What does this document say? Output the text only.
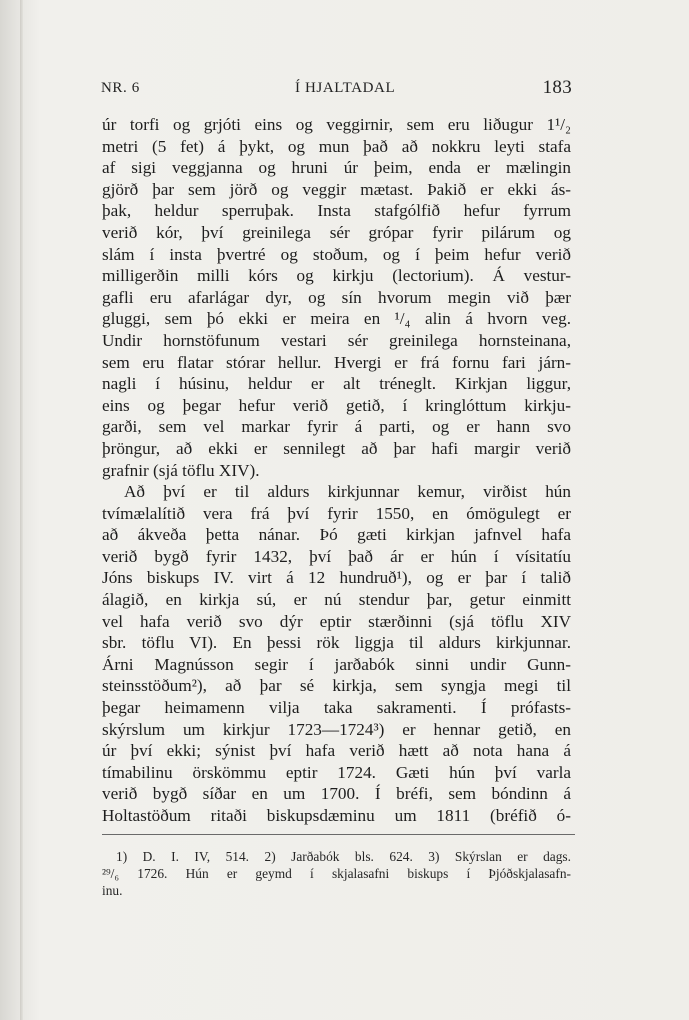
NR. 6	Í HJALTADAL	183
úr torfi og grjóti eins og veggirnir, sem eru liðugur 1¹/₂
metri (5 fet) á þykt, og mun það að nokkru leyti stafa
af sigi veggjanna og hruni úr þeim, enda er mælingin
gjörð þar sem jörð og veggir mætast. Þakið er ekki ás-
þak, heldur sperruþak. Insta stafgólfið hefur fyrrum
verið kór, því greinilega sér grópar fyrir pilárum og
slám í insta þvertré og stoðum, og í þeim hefur verið
milligerðin milli kórs og kirkju (lectorium). Á vestur-
gafli eru afarlágar dyr, og sín hvorum megin við þær
gluggi, sem þó ekki er meira en ¹/₄ alin á hvorn veg.
Undir hornstöfunum vestari sér greinilega hornsteinana,
sem eru flatar stórar hellur. Hvergi er frá fornu fari járn-
nagli í húsinu, heldur er alt tréneglt. Kirkjan liggur,
eins og þegar hefur verið getið, í kringlóttum kirkju-
garði, sem vel markar fyrir á parti, og er hann svo
þröngur, að ekki er sennilegt að þar hafi margir verið
grafnir (sjá töflu XIV).
Að því er til aldurs kirkjunnar kemur, virðist hún
tvímælalítið vera frá því fyrir 1550, en ómögulegt er
að ákveða þetta nánar. Þó gæti kirkjan jafnvel hafa
verið bygð fyrir 1432, því það ár er hún í vísitatíu
Jóns biskups IV. virt á 12 hundruð¹), og er þar í talið
álagið, en kirkja sú, er nú stendur þar, getur einmitt
vel hafa verið svo dýr eptir stærðinni (sjá töflu XIV
sbr. töflu VI). En þessi rök liggja til aldurs kirkjunnar.
Árni Magnússon segir í jarðabók sinni undir Gunn-
steinsstöðum²), að þar sé kirkja, sem syngja megi til
þegar heimamenn vilja taka sakramenti. Í prófasts-
skýrslum um kirkjur 1723—1724³) er hennar getið, en
úr því ekki; sýnist því hafa verið hætt að nota hana á
tímabilinu örskömmu eptir 1724. Gæti hún því varla
verið bygð síðar en um 1700. Í bréfi, sem bóndinn á
Holtastöðum ritaði biskupsdæminu um 1811 (bréfið ó-
1) D. I. IV, 514. 2) Jarðabók bls. 624. 3) Skýrslan er dags.
²⁹/₆ 1726. Hún er geymd í skjalasafni biskups í Þjóðskjalasafn-
inu.
